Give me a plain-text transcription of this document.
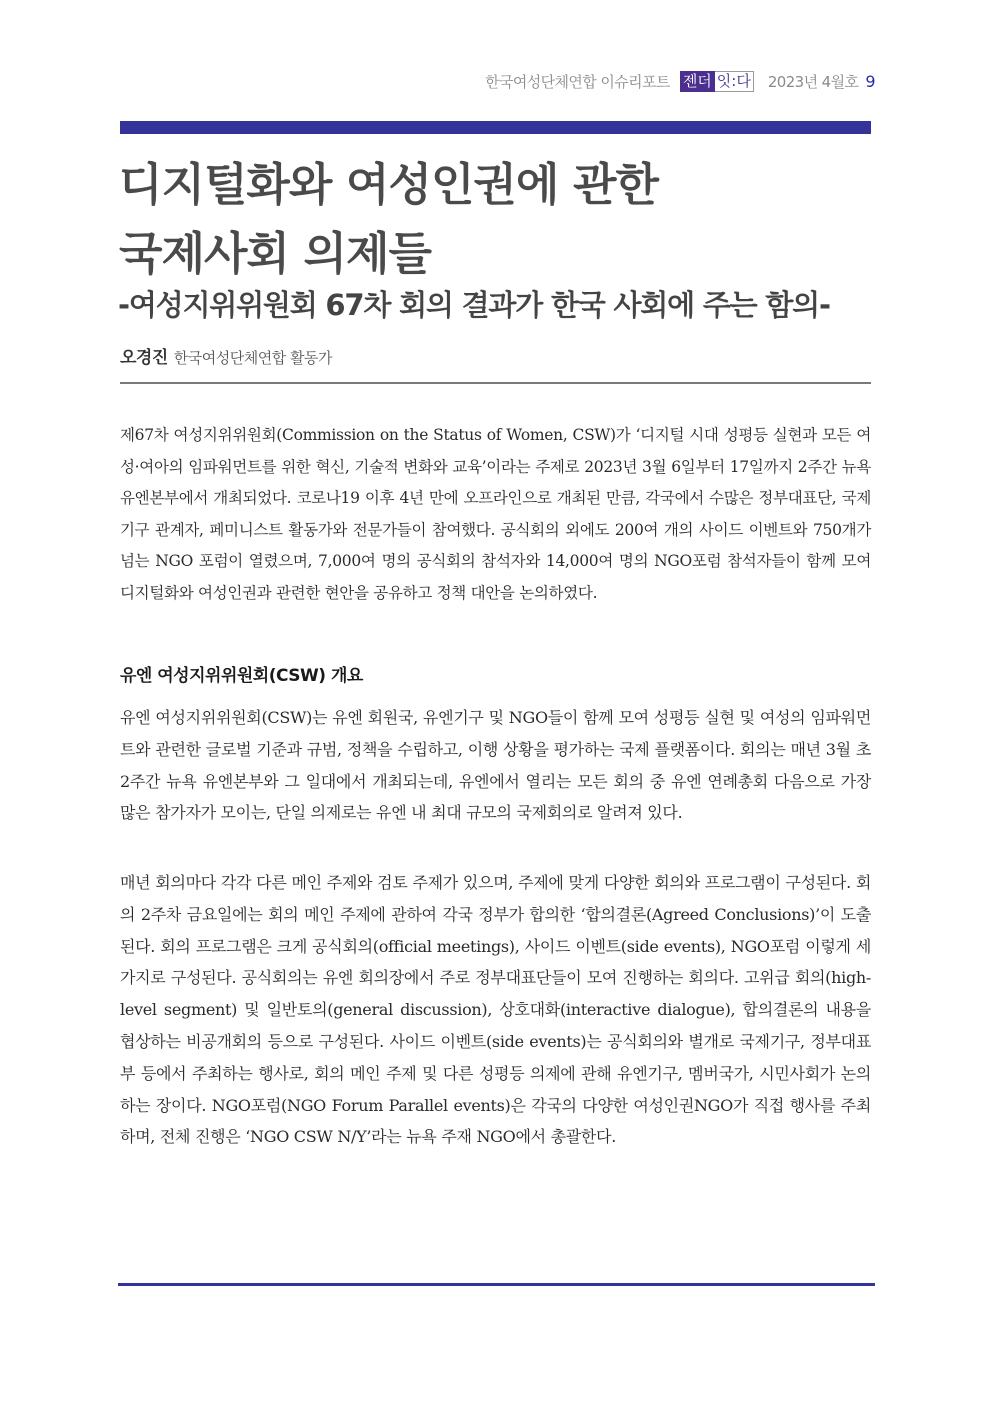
한국여성단체연합 이슈리포트 젠더 잇:다 2023년 4월호 9
디지털화와 여성인권에 관한
국제사회 의제들
-여성지위위원회 67차 회의 결과가 한국 사회에 주는 함의-
오경진 한국여성단체연합 활동가

제67차 여성지위위원회(Commission on the Status of Women, CSW)가 ‘디지털 시대 성평등 실현과 모든 여성·여아의 임파워먼트를 위한 혁신, 기술적 변화와 교육’이라는 주제로 2023년 3월 6일부터 17일까지 2주간 뉴욕 유엔본부에서 개최되었다. 코로나19 이후 4년 만에 오프라인으로 개최된 만큼, 각국에서 수많은 정부대표단, 국제기구 관계자, 페미니스트 활동가와 전문가들이 참여했다. 공식회의 외에도 200여 개의 사이드 이벤트와 750개가 넘는 NGO 포럼이 열렸으며, 7,000여 명의 공식회의 참석자와 14,000여 명의 NGO포럼 참석자들이 함께 모여 디지털화와 여성인권과 관련한 현안을 공유하고 정책 대안을 논의하였다.

유엔 여성지위위원회(CSW) 개요

유엔 여성지위위원회(CSW)는 유엔 회원국, 유엔기구 및 NGO들이 함께 모여 성평등 실현 및 여성의 임파워먼트와 관련한 글로벌 기준과 규범, 정책을 수립하고, 이행 상황을 평가하는 국제 플랫폼이다. 회의는 매년 3월 초 2주간 뉴욕 유엔본부와 그 일대에서 개최되는데, 유엔에서 열리는 모든 회의 중 유엔 연례총회 다음으로 가장 많은 참가자가 모이는, 단일 의제로는 유엔 내 최대 규모의 국제회의로 알려져 있다.

매년 회의마다 각각 다른 메인 주제와 검토 주제가 있으며, 주제에 맞게 다양한 회의와 프로그램이 구성된다. 회의 2주차 금요일에는 회의 메인 주제에 관하여 각국 정부가 합의한 ‘합의결론(Agreed Conclusions)’이 도출된다. 회의 프로그램은 크게 공식회의(official meetings), 사이드 이벤트(side events), NGO포럼 이렇게 세 가지로 구성된다. 공식회의는 유엔 회의장에서 주로 정부대표단들이 모여 진행하는 회의다. 고위급 회의(high-level segment) 및 일반토의(general discussion), 상호대화(interactive dialogue), 합의결론의 내용을 협상하는 비공개회의 등으로 구성된다. 사이드 이벤트(side events)는 공식회의와 별개로 국제기구, 정부대표부 등에서 주최하는 행사로, 회의 메인 주제 및 다른 성평등 의제에 관해 유엔기구, 멤버국가, 시민사회가 논의하는 장이다. NGO포럼(NGO Forum Parallel events)은 각국의 다양한 여성인권NGO가 직접 행사를 주최하며, 전체 진행은 ‘NGO CSW N/Y’라는 뉴욕 주재 NGO에서 총괄한다.
